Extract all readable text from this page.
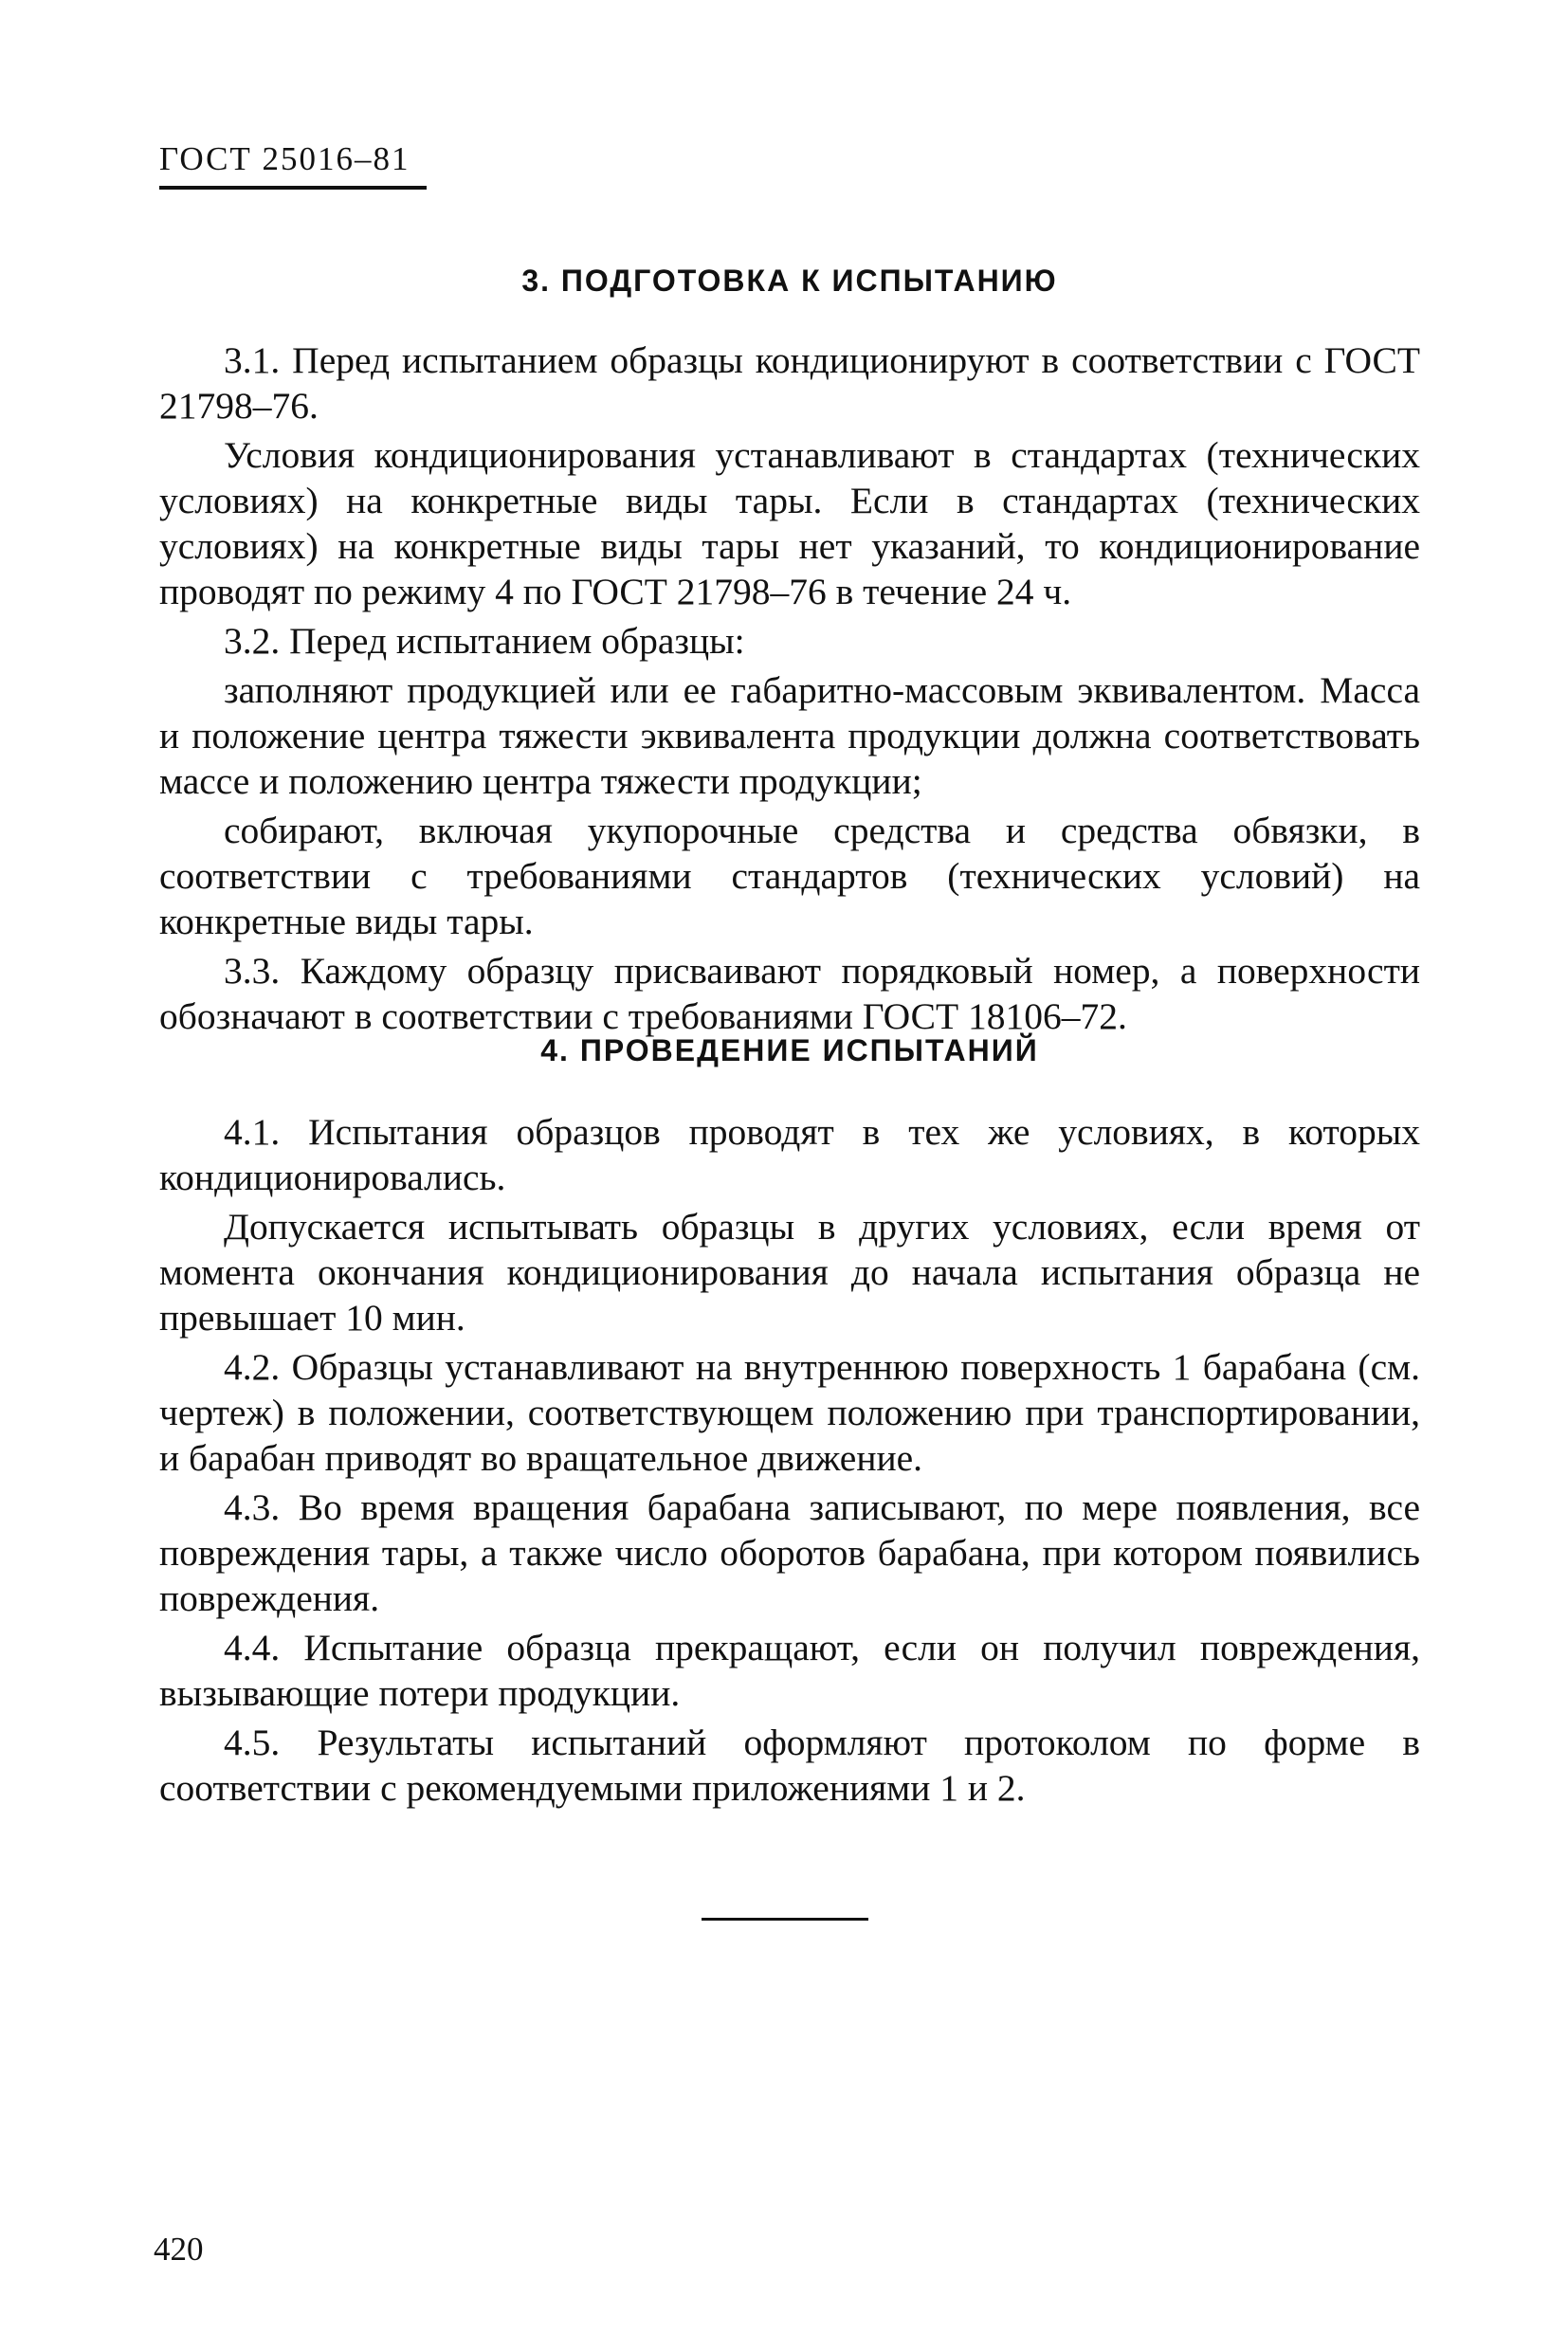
ГОСТ 25016–81
3. ПОДГОТОВКА К ИСПЫТАНИЮ

3.1. Перед испытанием образцы кондиционируют в соответствии с ГОСТ 21798–76.

Условия кондиционирования устанавливают в стандартах (технических условиях) на конкретные виды тары. Если в стандартах (технических условиях) на конкретные виды тары нет указаний, то кондиционирование проводят по режиму 4 по ГОСТ 21798–76 в течение 24 ч.

3.2. Перед испытанием образцы:

заполняют продукцией или ее габаритно-массовым эквивалентом. Масса и положение центра тяжести эквивалента продукции должна соответствовать массе и положению центра тяжести продукции;

собирают, включая укупорочные средства и средства обвязки, в соответствии с требованиями стандартов (технических условий) на конкретные виды тары.

3.3. Каждому образцу присваивают порядковый номер, а поверхности обозначают в соответствии с требованиями ГОСТ 18106–72.

4. ПРОВЕДЕНИЕ ИСПЫТАНИЙ

4.1. Испытания образцов проводят в тех же условиях, в которых кондиционировались.

Допускается испытывать образцы в других условиях, если время от момента окончания кондиционирования до начала испытания образца не превышает 10 мин.

4.2. Образцы устанавливают на внутреннюю поверхность 1 барабана (см. чертеж) в положении, соответствующем положению при транспортировании, и барабан приводят во вращательное движение.

4.3. Во время вращения барабана записывают, по мере появления, все повреждения тары, а также число оборотов барабана, при котором появились повреждения.

4.4. Испытание образца прекращают, если он получил повреждения, вызывающие потери продукции.

4.5. Результаты испытаний оформляют протоколом по форме в соответствии с рекомендуемыми приложениями 1 и 2.

420
